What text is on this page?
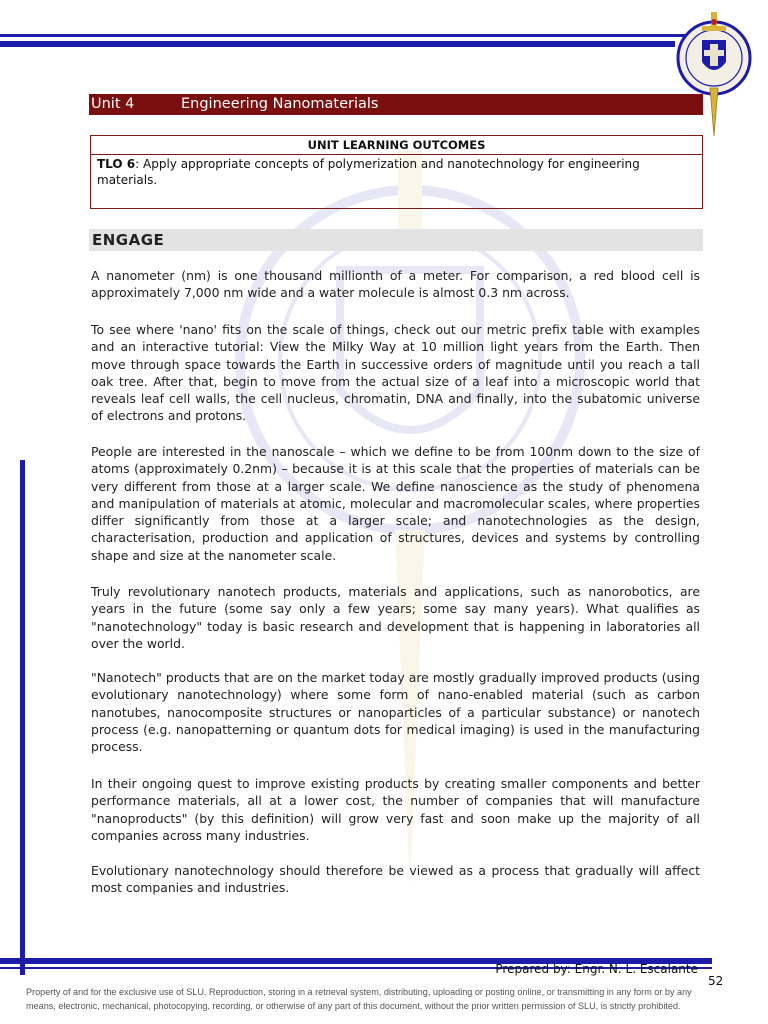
Unit 4	Engineering Nanomaterials
UNIT LEARNING OUTCOMES
TLO 6: Apply appropriate concepts of polymerization and nanotechnology for engineering materials.
ENGAGE

A nanometer (nm) is one thousand millionth of a meter. For comparison, a red blood cell is approximately 7,000 nm wide and a water molecule is almost 0.3 nm across.

To see where 'nano' fits on the scale of things, check out our metric prefix table with examples and an interactive tutorial: View the Milky Way at 10 million light years from the Earth. Then move through space towards the Earth in successive orders of magnitude until you reach a tall oak tree. After that, begin to move from the actual size of a leaf into a microscopic world that reveals leaf cell walls, the cell nucleus, chromatin, DNA and finally, into the subatomic universe of electrons and protons.

People are interested in the nanoscale – which we define to be from 100nm down to the size of atoms (approximately 0.2nm) – because it is at this scale that the properties of materials can be very different from those at a larger scale. We define nanoscience as the study of phenomena and manipulation of materials at atomic, molecular and macromolecular scales, where properties differ significantly from those at a larger scale; and nanotechnologies as the design, characterisation, production and application of structures, devices and systems by controlling shape and size at the nanometer scale.

Truly revolutionary nanotech products, materials and applications, such as nanorobotics, are years in the future (some say only a few years; some say many years). What qualifies as "nanotechnology" today is basic research and development that is happening in laboratories all over the world.

"Nanotech" products that are on the market today are mostly gradually improved products (using evolutionary nanotechnology) where some form of nano-enabled material (such as carbon nanotubes, nanocomposite structures or nanoparticles of a particular substance) or nanotech process (e.g. nanopatterning or quantum dots for medical imaging) is used in the manufacturing process.

In their ongoing quest to improve existing products by creating smaller components and better performance materials, all at a lower cost, the number of companies that will manufacture "nanoproducts" (by this definition) will grow very fast and soon make up the majority of all companies across many industries.

Evolutionary nanotechnology should therefore be viewed as a process that gradually will affect most companies and industries.

Prepared by: Engr. N. L. Escalante
52
Property of and for the exclusive use of SLU. Reproduction, storing in a retrieval system, distributing, uploading or posting online, or transmitting in any form or by any means, electronic, mechanical, photocopying, recording, or otherwise of any part of this document, without the prior written permission of SLU, is strictly prohibited.
